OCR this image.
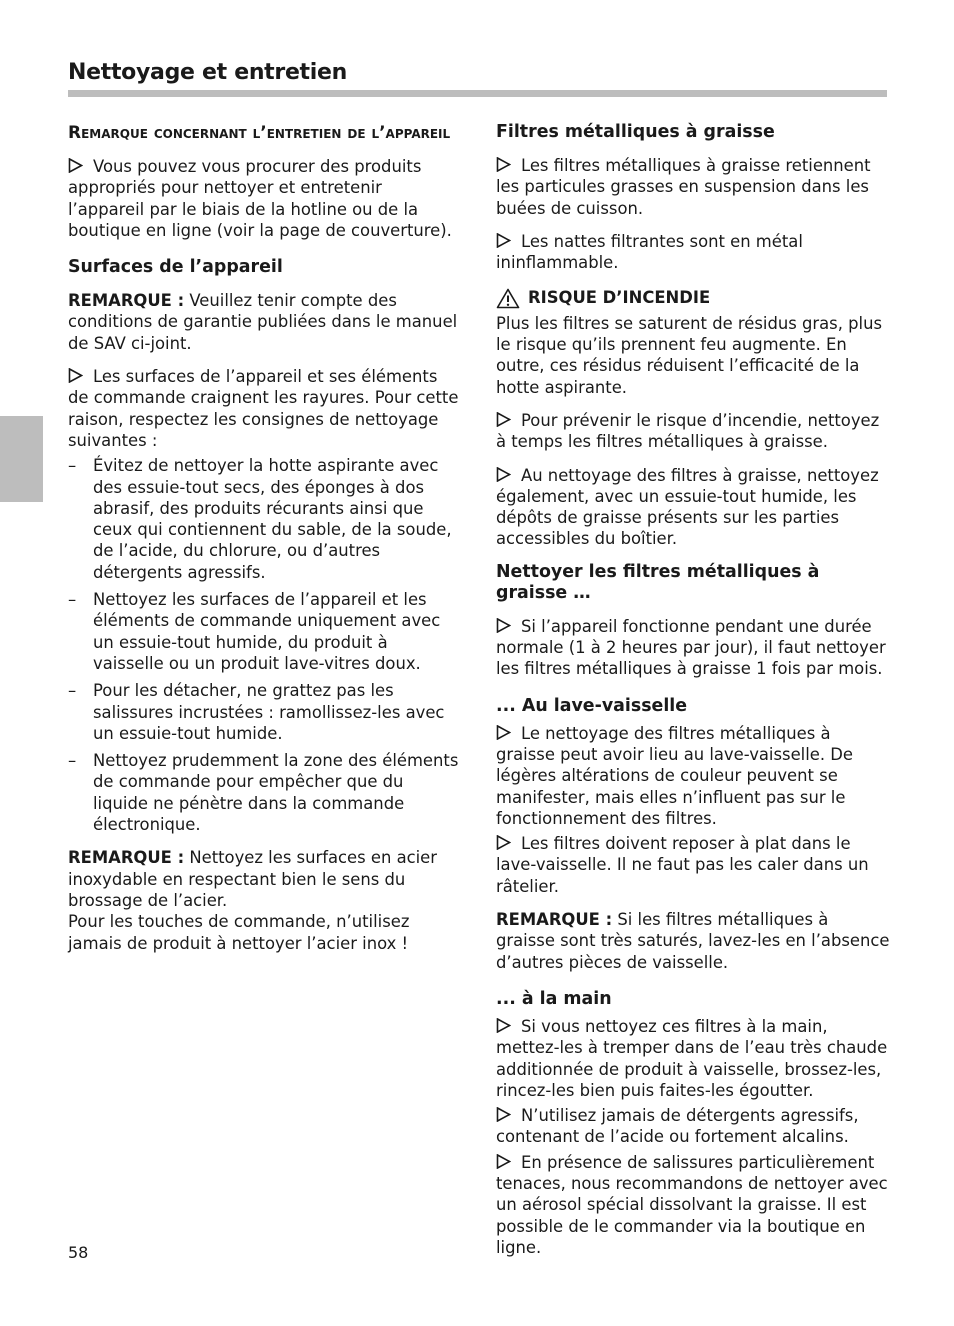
Nettoyage et entretien
Remarque concernant l’entretien de l’appareil

Vous pouvez vous procurer des produits appropriés pour nettoyer et entretenir l’appareil par le biais de la hotline ou de la boutique en ligne (voir la page de couverture).

Surfaces de l’appareil

REMARQUE : Veuillez tenir compte des conditions de garantie publiées dans le manuel de SAV ci-joint.

Les surfaces de l’appareil et ses éléments de commande craignent les rayures. Pour cette raison, respectez les consignes de nettoyage suivantes :

– Évitez de nettoyer la hotte aspirante avec des essuie-tout secs, des éponges à dos abrasif, des produits récurants ainsi que ceux qui contiennent du sable, de la soude, de l’acide, du chlorure, ou d’autres détergents agressifs.
– Nettoyez les surfaces de l’appareil et les éléments de commande uniquement avec un essuie-tout humide, du produit à vaisselle ou un produit lave-vitres doux.
– Pour les détacher, ne grattez pas les salissures incrustées : ramollissez-les avec un essuie-tout humide.
– Nettoyez prudemment la zone des éléments de commande pour empêcher que du liquide ne pénètre dans la commande électronique.

REMARQUE : Nettoyez les surfaces en acier inoxydable en respectant bien le sens du brossage de l’acier.

Pour les touches de commande, n’utilisez jamais de produit à nettoyer l’acier inox !

Filtres métalliques à graisse

Les filtres métalliques à graisse retiennent les particules grasses en suspension dans les buées de cuisson.

Les nattes filtrantes sont en métal ininflammable.

RISQUE D’INCENDIE

Plus les filtres se saturent de résidus gras, plus le risque qu’ils prennent feu augmente. En outre, ces résidus réduisent l’efficacité de la hotte aspirante.

Pour prévenir le risque d’incendie, nettoyez à temps les filtres métalliques à graisse.

Au nettoyage des filtres à graisse, nettoyez également, avec un essuie-tout humide, les dépôts de graisse présents sur les parties accessibles du boîtier.

Nettoyer les filtres métalliques à graisse …

Si l’appareil fonctionne pendant une durée normale (1 à 2 heures par jour), il faut nettoyer les filtres métalliques à graisse 1 fois par mois.

... Au lave-vaisselle

Le nettoyage des filtres métalliques à graisse peut avoir lieu au lave-vaisselle. De légères altérations de couleur peuvent se manifester, mais elles n’influent pas sur le fonctionnement des filtres.

Les filtres doivent reposer à plat dans le lave-vaisselle. Il ne faut pas les caler dans un râtelier.

REMARQUE : Si les filtres métalliques à graisse sont très saturés, lavez-les en l’absence d’autres pièces de vaisselle.

... à la main

Si vous nettoyez ces filtres à la main, mettez-les à tremper dans de l’eau très chaude additionnée de produit à vaisselle, brossez-les, rincez-les bien puis faites-les égoutter.

N’utilisez jamais de détergents agressifs, contenant de l’acide ou fortement alcalins.

En présence de salissures particulièrement tenaces, nous recommandons de nettoyer avec un aérosol spécial dissolvant la graisse. Il est possible de le commander via la boutique en ligne.

58
